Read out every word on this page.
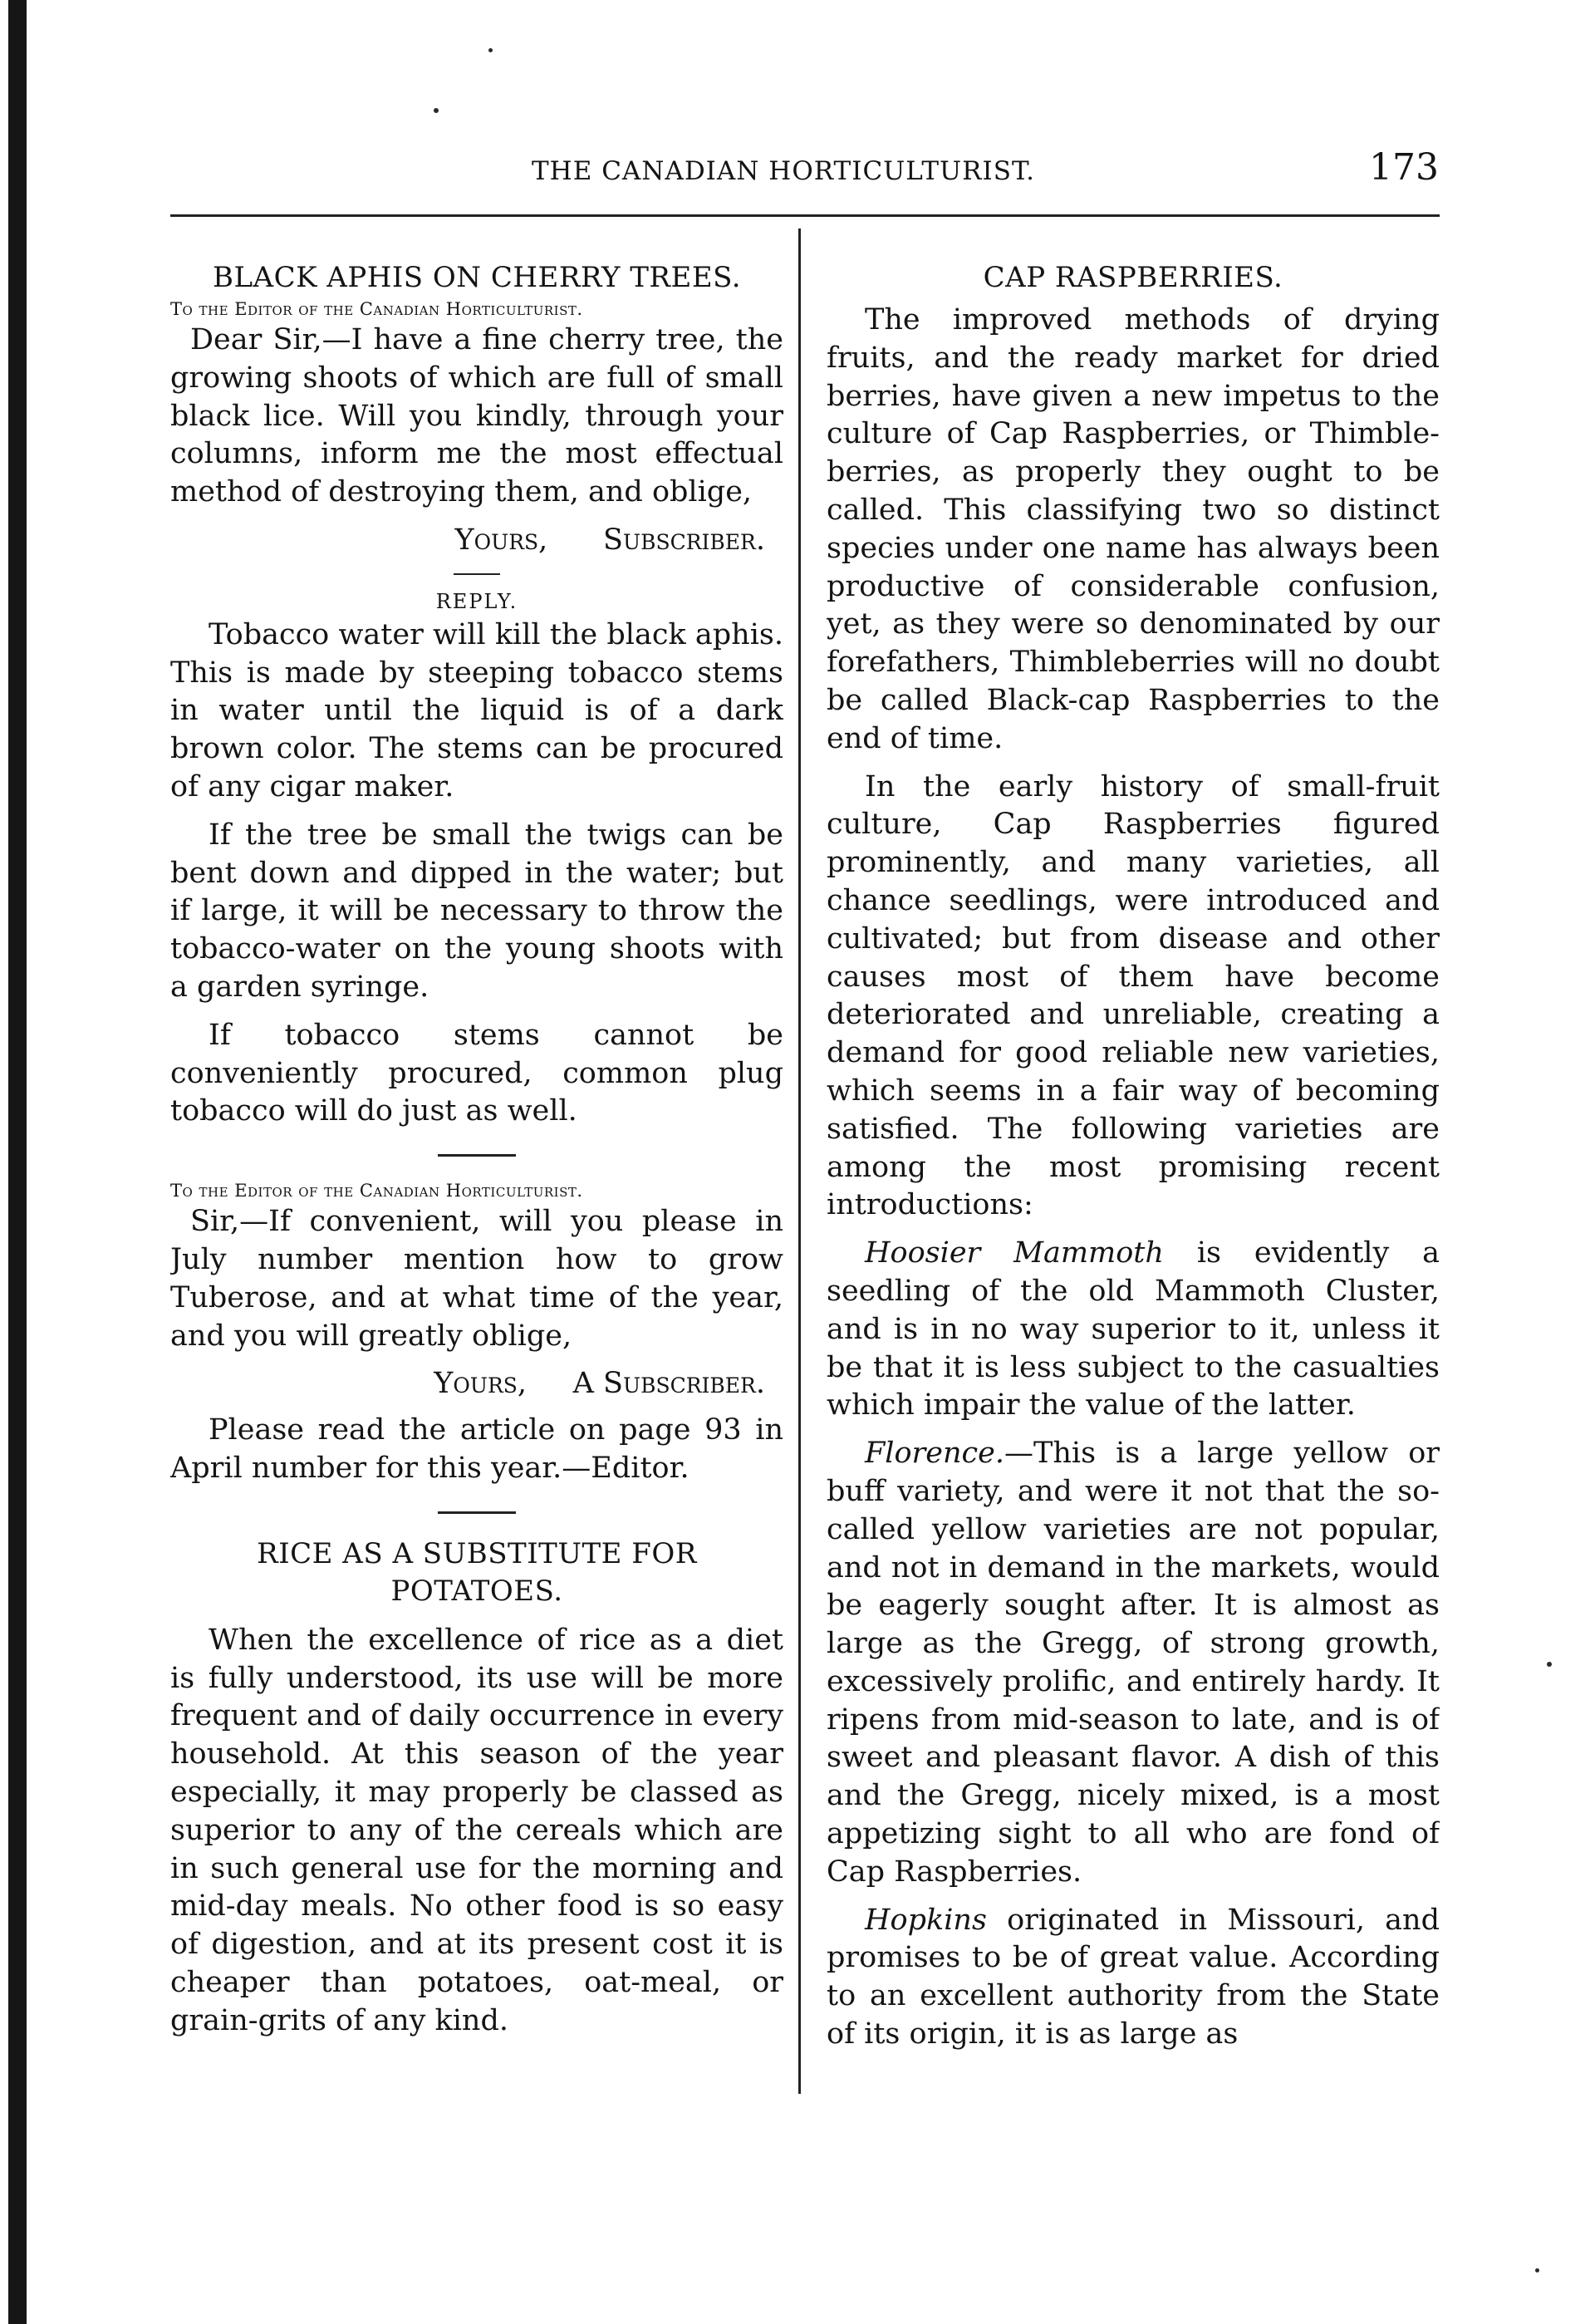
THE CANADIAN HORTICULTURIST.	173

BLACK APHIS ON CHERRY TREES.

To the Editor of the Canadian Horticulturist.

Dear Sir,—I have a fine cherry tree, the growing shoots of which are full of small black lice. Will you kindly, through your columns, inform me the most effectual method of destroying them, and oblige,

Yours,      Subscriber.

REPLY.

Tobacco water will kill the black aphis. This is made by steeping tobacco stems in water until the liquid is of a dark brown color. The stems can be procured of any cigar maker.

If the tree be small the twigs can be bent down and dipped in the water; but if large, it will be necessary to throw the tobacco-water on the young shoots with a garden syringe.

If tobacco stems cannot be conveniently procured, common plug tobacco will do just as well.

To the Editor of the Canadian Horticulturist.

Sir,—If convenient, will you please in July number mention how to grow Tuberose, and at what time of the year, and you will greatly oblige,

Yours,     A Subscriber.

Please read the article on page 93 in April number for this year.—Editor.

RICE AS A SUBSTITUTE FOR POTATOES.

When the excellence of rice as a diet is fully understood, its use will be more frequent and of daily occurrence in every household. At this season of the year especially, it may properly be classed as superior to any of the cereals which are in such general use for the morning and mid-day meals. No other food is so easy of digestion, and at its present cost it is cheaper than potatoes, oat-meal, or grain-grits of any kind.

CAP RASPBERRIES.

The improved methods of drying fruits, and the ready market for dried berries, have given a new impetus to the culture of Cap Raspberries, or Thimble-berries, as properly they ought to be called. This classifying two so distinct species under one name has always been productive of considerable confusion, yet, as they were so denominated by our forefathers, Thimbleberries will no doubt be called Black-cap Raspberries to the end of time.

In the early history of small-fruit culture, Cap Raspberries figured prominently, and many varieties, all chance seedlings, were introduced and cultivated; but from disease and other causes most of them have become deteriorated and unreliable, creating a demand for good reliable new varieties, which seems in a fair way of becoming satisfied. The following varieties are among the most promising recent introductions:

Hoosier Mammoth is evidently a seedling of the old Mammoth Cluster, and is in no way superior to it, unless it be that it is less subject to the casualties which impair the value of the latter.

Florence.—This is a large yellow or buff variety, and were it not that the so-called yellow varieties are not popular, and not in demand in the markets, would be eagerly sought after. It is almost as large as the Gregg, of strong growth, excessively prolific, and entirely hardy. It ripens from mid-season to late, and is of sweet and pleasant flavor. A dish of this and the Gregg, nicely mixed, is a most appetizing sight to all who are fond of Cap Raspberries.

Hopkins originated in Missouri, and promises to be of great value. According to an excellent authority from the State of its origin, it is as large as
